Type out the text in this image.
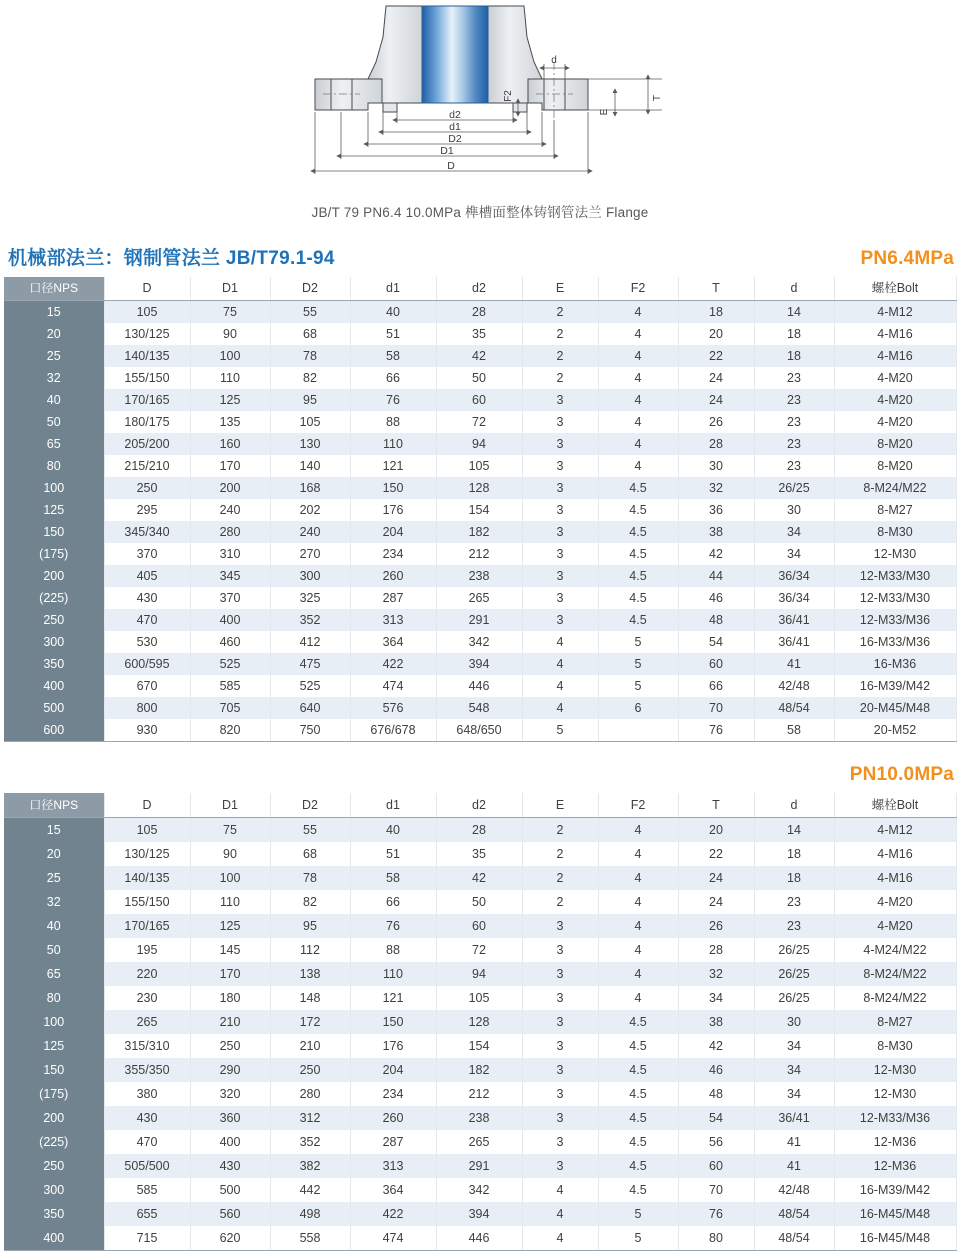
d
F2	T
E
d2
d1
D2
D1
D
JB/T 79 PN6.4 10.0MPa 榫槽面整体铸钢管法兰 Flange
机械部法兰：钢制管法兰 JB/T79.1-94	PN6.4MPa
口径NPS	D	D1	D2	d1	d2	E	F2	T	d	螺栓Bolt
15	105	75	55	40	28	2	4	18	14	4-M12
20	130/125	90	68	51	35	2	4	20	18	4-M16
25	140/135	100	78	58	42	2	4	22	18	4-M16
32	155/150	110	82	66	50	2	4	24	23	4-M20
40	170/165	125	95	76	60	3	4	24	23	4-M20
50	180/175	135	105	88	72	3	4	26	23	4-M20
65	205/200	160	130	110	94	3	4	28	23	8-M20
80	215/210	170	140	121	105	3	4	30	23	8-M20
100	250	200	168	150	128	3	4.5	32	26/25	8-M24/M22
125	295	240	202	176	154	3	4.5	36	30	8-M27
150	345/340	280	240	204	182	3	4.5	38	34	8-M30
(175)	370	310	270	234	212	3	4.5	42	34	12-M30
200	405	345	300	260	238	3	4.5	44	36/34	12-M33/M30
(225)	430	370	325	287	265	3	4.5	46	36/34	12-M33/M30
250	470	400	352	313	291	3	4.5	48	36/41	12-M33/M36
300	530	460	412	364	342	4	5	54	36/41	16-M33/M36
350	600/595	525	475	422	394	4	5	60	41	16-M36
400	670	585	525	474	446	4	5	66	42/48	16-M39/M42
500	800	705	640	576	548	4	6	70	48/54	20-M45/M48
600	930	820	750	676/678	648/650	5		76	58	20-M52
PN10.0MPa
口径NPS	D	D1	D2	d1	d2	E	F2	T	d	螺栓Bolt
15	105	75	55	40	28	2	4	20	14	4-M12
20	130/125	90	68	51	35	2	4	22	18	4-M16
25	140/135	100	78	58	42	2	4	24	18	4-M16
32	155/150	110	82	66	50	2	4	24	23	4-M20
40	170/165	125	95	76	60	3	4	26	23	4-M20
50	195	145	112	88	72	3	4	28	26/25	4-M24/M22
65	220	170	138	110	94	3	4	32	26/25	8-M24/M22
80	230	180	148	121	105	3	4	34	26/25	8-M24/M22
100	265	210	172	150	128	3	4.5	38	30	8-M27
125	315/310	250	210	176	154	3	4.5	42	34	8-M30
150	355/350	290	250	204	182	3	4.5	46	34	12-M30
(175)	380	320	280	234	212	3	4.5	48	34	12-M30
200	430	360	312	260	238	3	4.5	54	36/41	12-M33/M36
(225)	470	400	352	287	265	3	4.5	56	41	12-M36
250	505/500	430	382	313	291	3	4.5	60	41	12-M36
300	585	500	442	364	342	4	4.5	70	42/48	16-M39/M42
350	655	560	498	422	394	4	5	76	48/54	16-M45/M48
400	715	620	558	474	446	4	5	80	48/54	16-M45/M48
